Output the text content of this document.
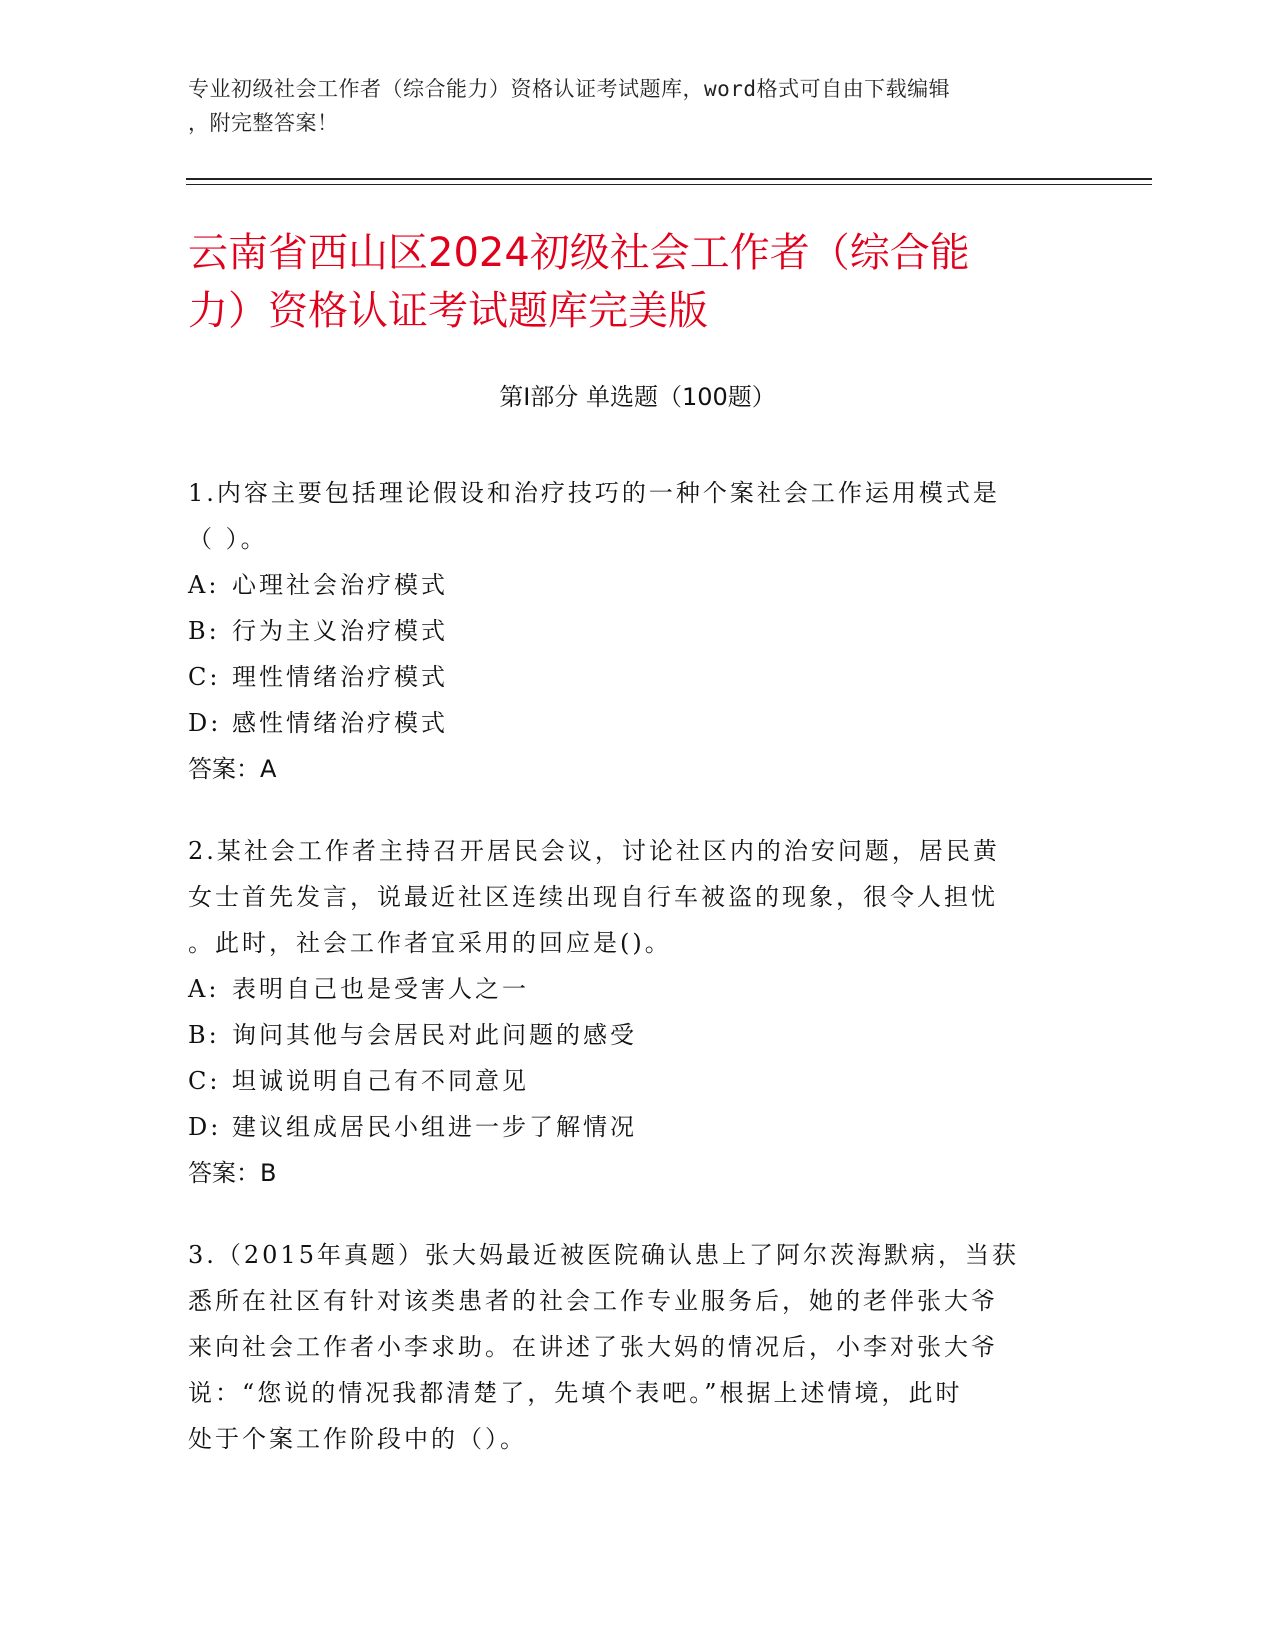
专业初级社会工作者（综合能力）资格认证考试题库，word格式可自由下载编辑
，附完整答案！
云南省西山区2024初级社会工作者（综合能
力）资格认证考试题库完美版
第Ⅰ部分 单选题（100题）

1.内容主要包括理论假设和治疗技巧的一种个案社会工作运用模式是

（ ）。

A: 心理社会治疗模式

B: 行为主义治疗模式

C: 理性情绪治疗模式

D: 感性情绪治疗模式

答案：A

2.某社会工作者主持召开居民会议，讨论社区内的治安问题，居民黄

女士首先发言，说最近社区连续出现自行车被盗的现象，很令人担忧

。此时，社会工作者宜采用的回应是()。

A: 表明自己也是受害人之一

B: 询问其他与会居民对此问题的感受

C: 坦诚说明自己有不同意见

D: 建议组成居民小组进一步了解情况

答案：B

3.（2015年真题）张大妈最近被医院确认患上了阿尔茨海默病，当获

悉所在社区有针对该类患者的社会工作专业服务后，她的老伴张大爷

来向社会工作者小李求助。在讲述了张大妈的情况后，小李对张大爷

说：“您说的情况我都清楚了，先填个表吧。”根据上述情境，此时

处于个案工作阶段中的（）。
